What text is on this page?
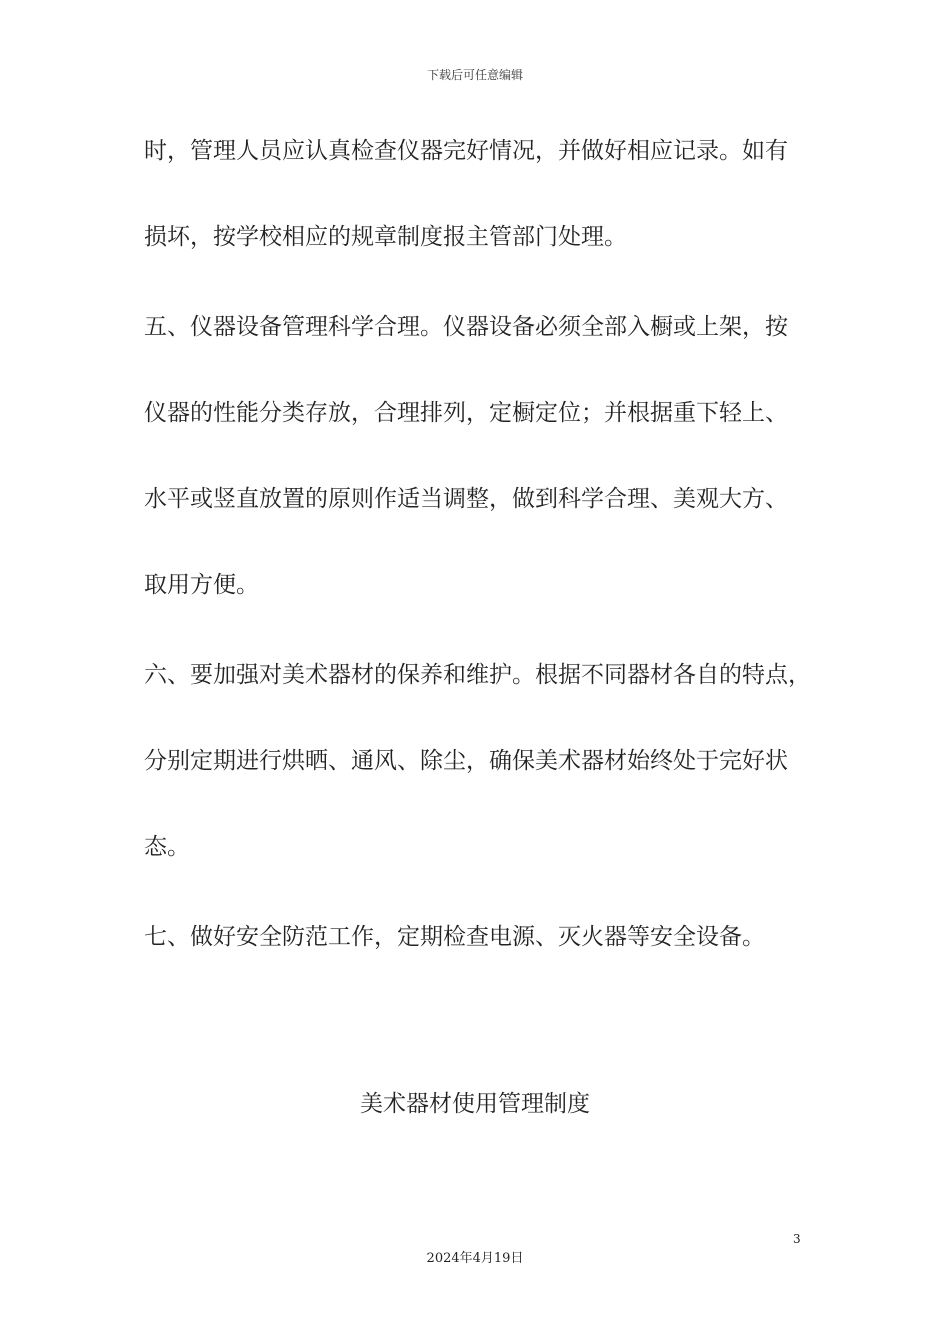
下载后可任意编辑
时，管理人员应认真检查仪器完好情况，并做好相应记录。如有
损坏，按学校相应的规章制度报主管部门处理。
五、仪器设备管理科学合理。仪器设备必须全部入橱或上架，按
仪器的性能分类存放，合理排列，定橱定位；并根据重下轻上、
水平或竖直放置的原则作适当调整，做到科学合理、美观大方、
取用方便。
六、要加强对美术器材的保养和维护。根据不同器材各自的特点，
分别定期进行烘晒、通风、除尘，确保美术器材始终处于完好状
态。
七、做好安全防范工作，定期检查电源、灭火器等安全设备。
美术器材使用管理制度
3
2024年4月19日
